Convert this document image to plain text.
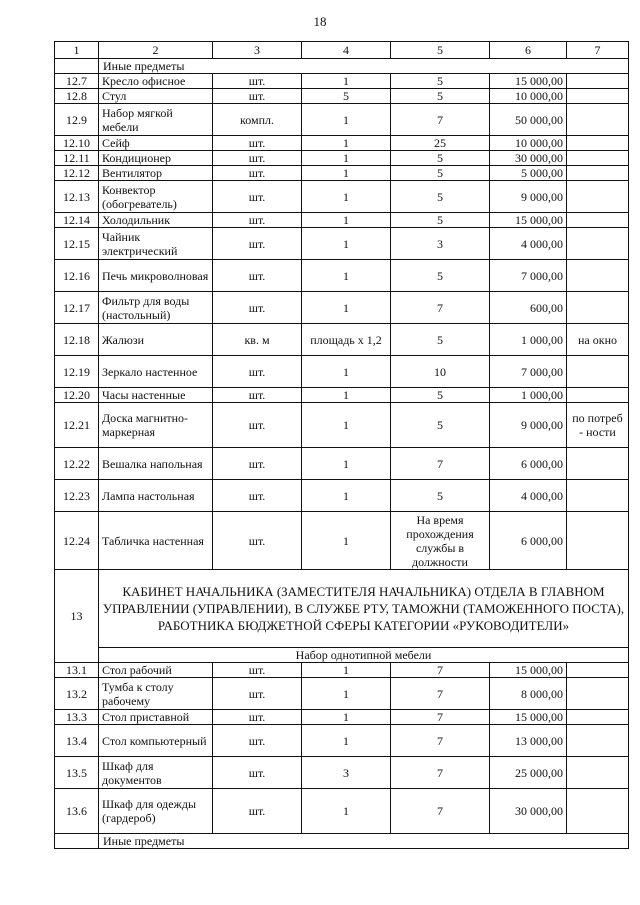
18
1	2	3	4	5	6	7
	Иные предметы					
12.7	Кресло офисное	шт.	1	5	15 000,00	
12.8	Стул	шт.	5	5	10 000,00	
12.9	Набор мягкой мебели	компл.	1	7	50 000,00	
12.10	Сейф	шт.	1	25	10 000,00	
12.11	Кондиционер	шт.	1	5	30 000,00	
12.12	Вентилятор	шт.	1	5	5 000,00	
12.13	Конвектор (обогреватель)	шт.	1	5	9 000,00	
12.14	Холодильник	шт.	1	5	15 000,00	
12.15	Чайник электрический	шт.	1	3	4 000,00	
12.16	Печь микроволновая	шт.	1	5	7 000,00	
12.17	Фильтр для воды (настольный)	шт.	1	7	600,00	
12.18	Жалюзи	кв. м	площадь х 1,2	5	1 000,00	на окно
12.19	Зеркало настенное	шт.	1	10	7 000,00	
12.20	Часы настенные	шт.	1	5	1 000,00	
12.21	Доска магнитно-маркерная	шт.	1	5	9 000,00	по потреб - ности
12.22	Вешалка напольная	шт.	1	7	6 000,00	
12.23	Лампа настольная	шт.	1	5	4 000,00	
12.24	Табличка настенная	шт.	1	На время прохождения службы в должности	6 000,00	
13	КАБИНЕТ НАЧАЛЬНИКА (ЗАМЕСТИТЕЛЯ НАЧАЛЬНИКА) ОТДЕЛА В ГЛАВНОМ УПРАВЛЕНИИ (УПРАВЛЕНИИ), В СЛУЖБЕ РТУ, ТАМОЖНИ (ТАМОЖЕННОГО ПОСТА), РАБОТНИКА БЮДЖЕТНОЙ СФЕРЫ КАТЕГОРИИ «РУКОВОДИТЕЛИ»					
	Набор однотипной мебели					
13.1	Стол рабочий	шт.	1	7	15 000,00	
13.2	Тумба к столу рабочему	шт.	1	7	8 000,00	
13.3	Стол приставной	шт.	1	7	15 000,00	
13.4	Стол компьютерный	шт.	1	7	13 000,00	
13.5	Шкаф для документов	шт.	3	7	25 000,00	
13.6	Шкаф для одежды (гардероб)	шт.	1	7	30 000,00	
	Иные предметы					
